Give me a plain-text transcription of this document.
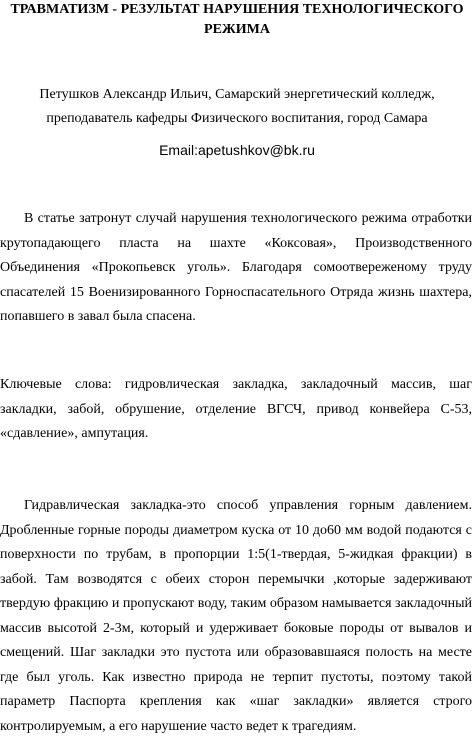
ТРАВМАТИЗМ - РЕЗУЛЬТАТ НАРУШЕНИЯ ТЕХНОЛОГИЧЕСКОГО
РЕЖИМА
Петушков Александр Ильич, Самарский энергетический колледж,
преподаватель кафедры Физического воспитания, город Самара
Email:apetushkov@bk.ru

В статье затронут случай нарушения технологического режима отработки крутопадающего пласта на шахте «Коксовая», Производственного Объединения «Прокопьевск уголь». Благодаря сомоотвереженому труду спасателей 15 Военизированного Горноспасательного Отряда жизнь шахтера, попавшего в завал была спасена.

Ключевые слова: гидровлическая закладка, закладочный массив, шаг закладки, забой, обрушение, отделение ВГСЧ, привод конвейера С-53, «сдавление», ампутация.

Гидравлическая закладка-это способ управления горным давлением. Дробленные горные породы диаметром куска от 10 до60 мм водой подаются с поверхности по трубам, в пропорции 1:5(1-твердая, 5-жидкая фракции) в забой. Там возводятся с обеих сторон перемычки ,которые задерживают твердую фракцию и пропускают воду, таким образом намывается закладочный массив высотой 2-3м, который и удерживает боковые породы от вывалов и смещений. Шаг закладки это пустота или образовавшаяся полость на месте где был уголь. Как известно природа не терпит пустоты, поэтому такой параметр Паспорта крепления как «шаг закладки» является строго контролируемым, а его нарушение часто ведет к трагедиям.
